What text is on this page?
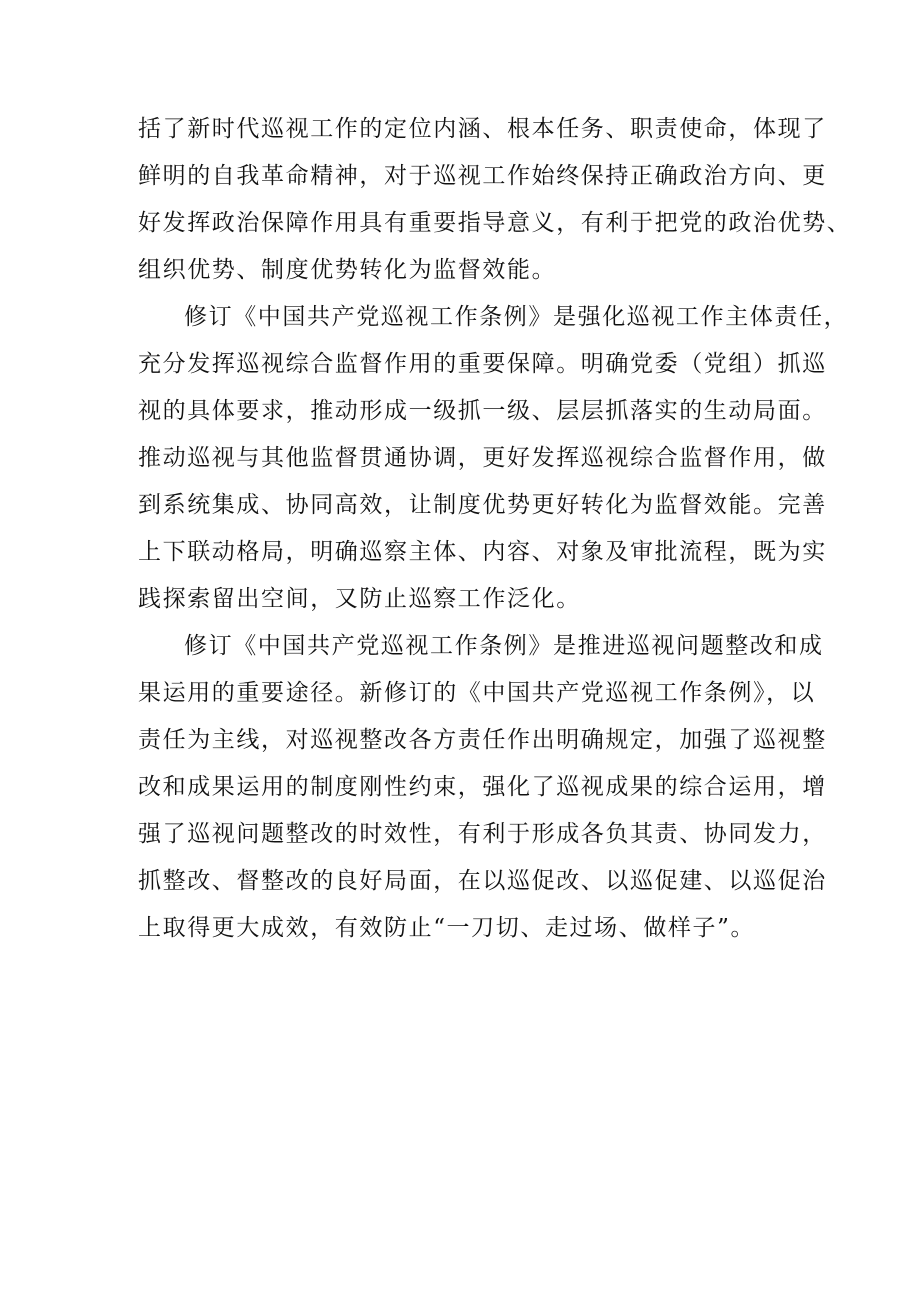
括了新时代巡视工作的定位内涵、根本任务、职责使命，体现了
鲜明的自我革命精神，对于巡视工作始终保持正确政治方向、更
好发挥政治保障作用具有重要指导意义，有利于把党的政治优势、
组织优势、制度优势转化为监督效能。
修订《中国共产党巡视工作条例》是强化巡视工作主体责任，
充分发挥巡视综合监督作用的重要保障。明确党委（党组）抓巡
视的具体要求，推动形成一级抓一级、层层抓落实的生动局面。
推动巡视与其他监督贯通协调，更好发挥巡视综合监督作用，做
到系统集成、协同高效，让制度优势更好转化为监督效能。完善
上下联动格局，明确巡察主体、内容、对象及审批流程，既为实
践探索留出空间，又防止巡察工作泛化。
修订《中国共产党巡视工作条例》是推进巡视问题整改和成
果运用的重要途径。新修订的《中国共产党巡视工作条例》，以
责任为主线，对巡视整改各方责任作出明确规定，加强了巡视整
改和成果运用的制度刚性约束，强化了巡视成果的综合运用，增
强了巡视问题整改的时效性，有利于形成各负其责、协同发力，
抓整改、督整改的良好局面，在以巡促改、以巡促建、以巡促治
上取得更大成效，有效防止“一刀切、走过场、做样子”。
